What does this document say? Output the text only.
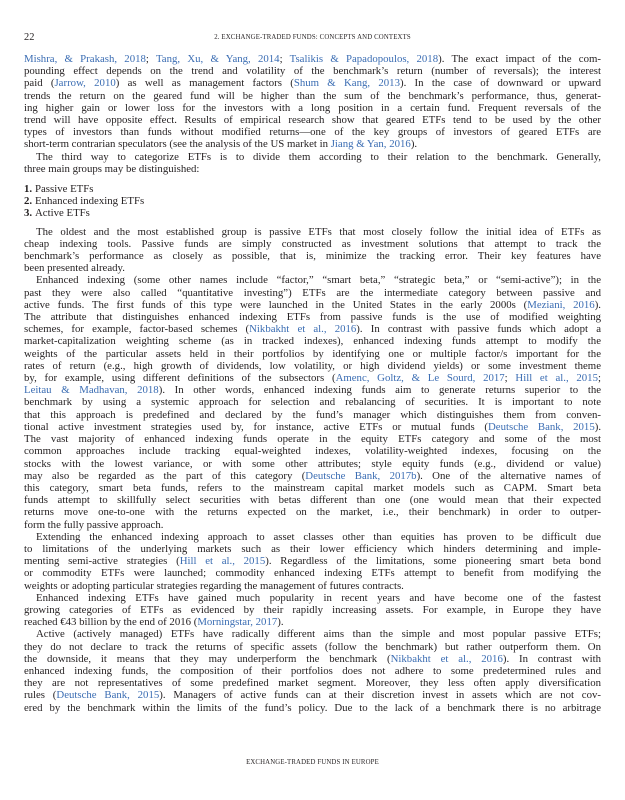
22	2. EXCHANGE-TRADED FUNDS: CONCEPTS AND CONTEXTS
Mishra, & Prakash, 2018; Tang, Xu, & Yang, 2014; Tsalikis & Papadopoulos, 2018). The exact impact of the com-
pounding effect depends on the trend and volatility of the benchmark’s return (number of reversals); the interest
paid (Jarrow, 2010) as well as management factors (Shum & Kang, 2013). In the case of downward or upward
trends the return on the geared fund will be higher than the sum of the benchmark’s performance, thus, generat-
ing higher gain or lower loss for the investors with a long position in a certain fund. Frequent reversals of the
trend will have opposite effect. Results of empirical research show that geared ETFs tend to be used by the other
types of investors than funds without modified returns—one of the key groups of investors of geared ETFs are
short-term contrarian speculators (see the analysis of the US market in Jiang & Yan, 2016).
The third way to categorize ETFs is to divide them according to their relation to the benchmark. Generally,
three main groups may be distinguished:
1. Passive ETFs
2. Enhanced indexing ETFs
3. Active ETFs
The oldest and the most established group is passive ETFs that most closely follow the initial idea of ETFs as
cheap indexing tools. Passive funds are simply constructed as investment solutions that attempt to track the
benchmark’s performance as closely as possible, that is, minimize the tracking error. Their key features have
been presented already.
Enhanced indexing (some other names include “factor,” “smart beta,” “strategic beta,” or “semi-active”); in the
past they were also called “quantitative investing”) ETFs are the intermediate category between passive and
active funds. The first funds of this type were launched in the United States in the early 2000s (Meziani, 2016).
The attribute that distinguishes enhanced indexing ETFs from passive funds is the use of modified weighting
schemes, for example, factor-based schemes (Nikbakht et al., 2016). In contrast with passive funds which adopt a
market-capitalization weighting scheme (as in tracked indexes), enhanced indexing funds attempt to modify the
weights of the particular assets held in their portfolios by identifying one or multiple factor/s important for the
rates of return (e.g., high growth of dividends, low volatility, or high dividend yields) or some investment theme
by, for example, using different definitions of the subsectors (Amenc, Goltz, & Le Sourd, 2017; Hill et al., 2015;
Leitau & Madhavan, 2018). In other words, enhanced indexing funds aim to generate returns superior to the
benchmark by using a systemic approach for selection and rebalancing of securities. It is important to note
that this approach is predefined and declared by the fund’s manager which distinguishes them from conven-
tional active investment strategies used by, for instance, active ETFs or mutual funds (Deutsche Bank, 2015).
The vast majority of enhanced indexing funds operate in the equity ETFs category and some of the most
common approaches include tracking equal-weighted indexes, volatility-weighted indexes, focusing on the
stocks with the lowest variance, or with some other attributes; style equity funds (e.g., dividend or value)
may also be regarded as the part of this category (Deutsche Bank, 2017b). One of the alternative names of
this category, smart beta funds, refers to the mainstream capital market models such as CAPM. Smart beta
funds attempt to skillfully select securities with betas different than one (one would mean that their expected
returns move one-to-one with the returns expected on the market, i.e., their benchmark) in order to outper-
form the fully passive approach.
Extending the enhanced indexing approach to asset classes other than equities has proven to be difficult due
to limitations of the underlying markets such as their lower efficiency which hinders determining and imple-
menting semi-active strategies (Hill et al., 2015). Regardless of the limitations, some pioneering smart beta bond
or commodity ETFs were launched; commodity enhanced indexing ETFs attempt to benefit from modifying the
weights or adopting particular strategies regarding the management of futures contracts.
Enhanced indexing ETFs have gained much popularity in recent years and have become one of the fastest
growing categories of ETFs as evidenced by their rapidly increasing assets. For example, in Europe they have
reached €43 billion by the end of 2016 (Morningstar, 2017).
Active (actively managed) ETFs have radically different aims than the simple and most popular passive ETFs;
they do not declare to track the returns of specific assets (follow the benchmark) but rather outperform them. On
the downside, it means that they may underperform the benchmark (Nikbakht et al., 2016). In contrast with
enhanced indexing funds, the composition of their portfolios does not adhere to some predetermined rules and
they are not representatives of some predefined market segment. Moreover, they less often apply diversification
rules (Deutsche Bank, 2015). Managers of active funds can at their discretion invest in assets which are not cov-
ered by the benchmark within the limits of the fund’s policy. Due to the lack of a benchmark there is no arbitrage
EXCHANGE-TRADED FUNDS IN EUROPE
